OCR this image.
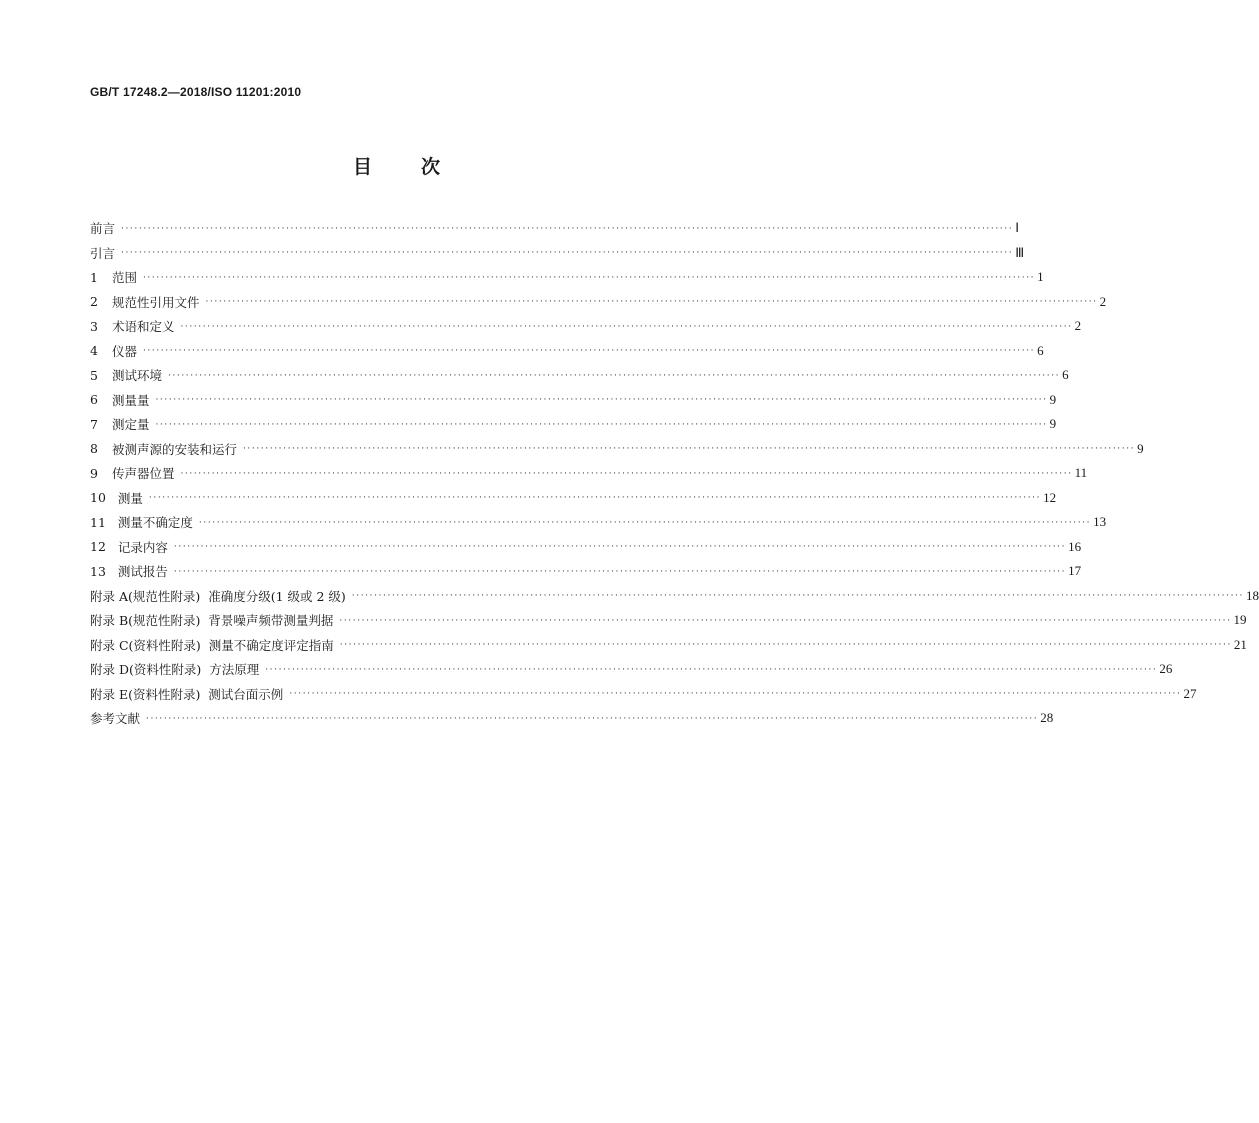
GB/T 17248.2—2018/ISO 11201:2010
目	次
前言 ········································································································································································································ Ⅰ
引言 ········································································································································································································ Ⅲ
1 范围 ········································································································································································································ 1
2 规范性引用文件 ········································································································································································································ 2
3 术语和定义 ········································································································································································································ 2
4 仪器 ········································································································································································································ 6
5 测试环境 ········································································································································································································ 6
6 测量量 ········································································································································································································ 9
7 测定量 ········································································································································································································ 9
8 被测声源的安装和运行 ········································································································································································································ 9
9 传声器位置 ········································································································································································································ 11
10 测量 ········································································································································································································ 12
11 测量不确定度 ········································································································································································································ 13
12 记录内容 ········································································································································································································ 16
13 测试报告 ········································································································································································································ 17
附录 A (规范性附录)  准确度分级(1 级或 2 级) ········································································································································································································ 18
附录 B (规范性附录)  背景噪声频带测量判据 ········································································································································································································ 19
附录 C (资料性附录)  测量不确定度评定指南 ········································································································································································································ 21
附录 D (资料性附录)  方法原理 ········································································································································································································ 26
附录 E (资料性附录)  测试台面示例 ········································································································································································································ 27
参考文献 ········································································································································································································ 28
